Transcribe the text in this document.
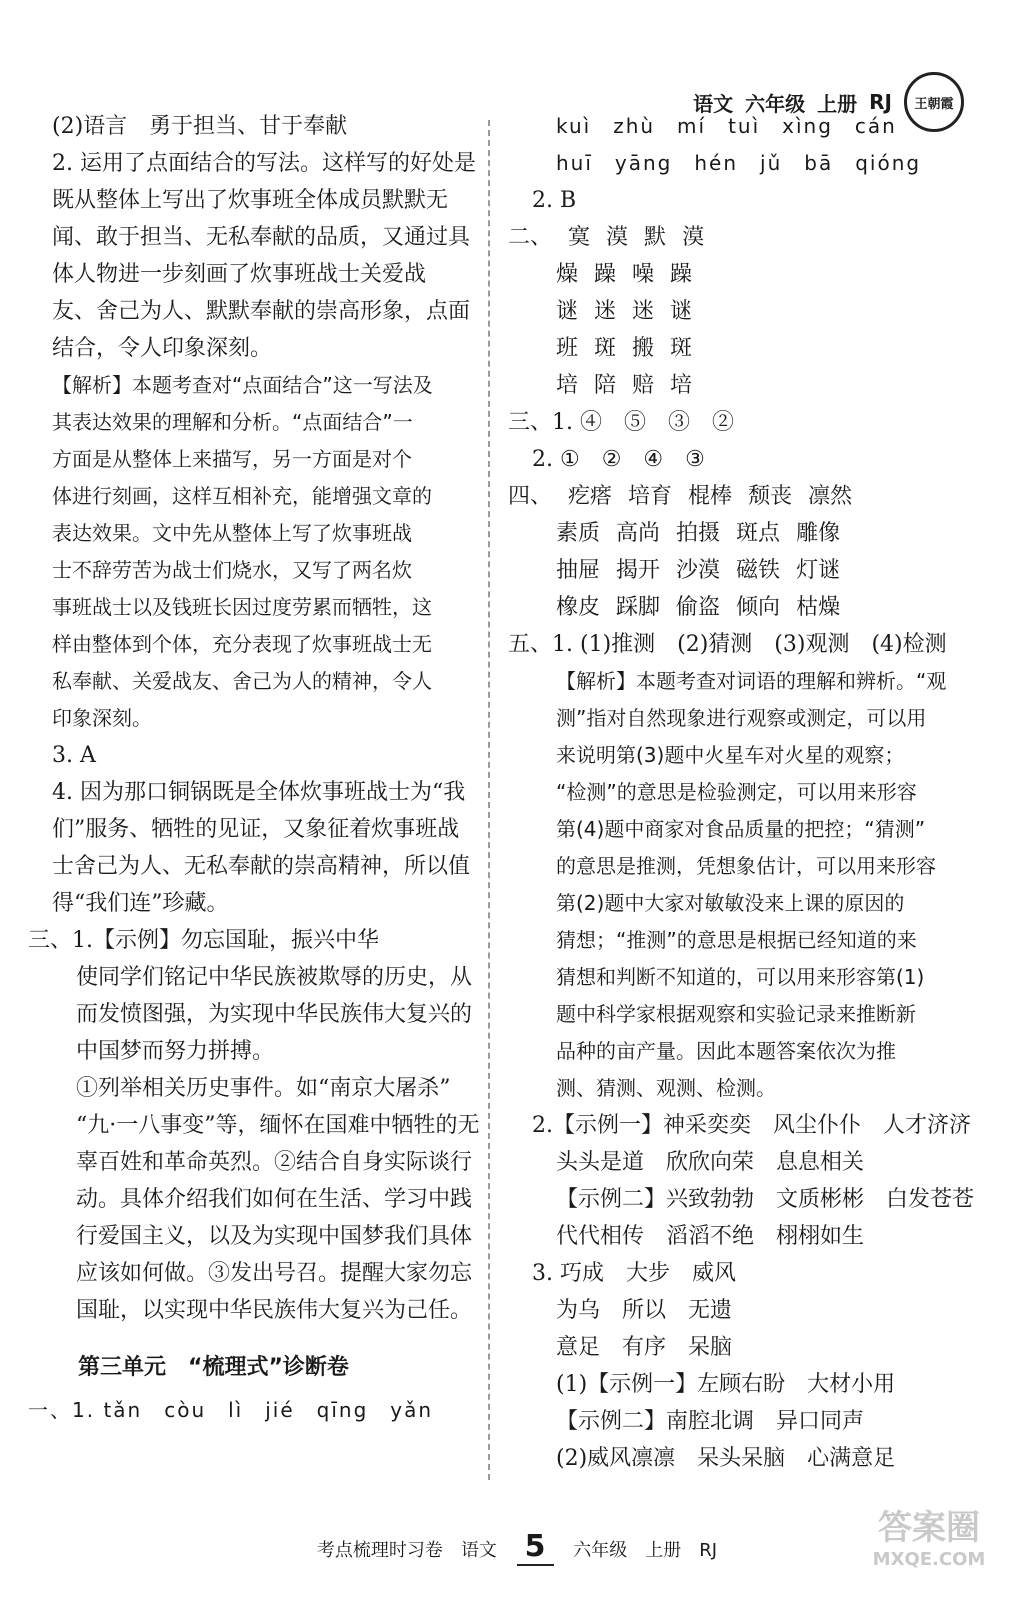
语文 六年级 上册 RJ 王朝霞
(2)语言　勇于担当、甘于奉献
2. 运用了点面结合的写法。这样写的好处是
既从整体上写出了炊事班全体成员默默无
闻、敢于担当、无私奉献的品质，又通过具
体人物进一步刻画了炊事班战士关爱战
友、舍己为人、默默奉献的崇高形象，点面
结合，令人印象深刻。
【解析】本题考查对“点面结合”这一写法及
其表达效果的理解和分析。“点面结合”一
方面是从整体上来描写，另一方面是对个
体进行刻画，这样互相补充，能增强文章的
表达效果。文中先从整体上写了炊事班战
士不辞劳苦为战士们烧水，又写了两名炊
事班战士以及钱班长因过度劳累而牺牲，这
样由整体到个体，充分表现了炊事班战士无
私奉献、关爱战友、舍己为人的精神，令人
印象深刻。
3. A
4. 因为那口铜锅既是全体炊事班战士为“我
们”服务、牺牲的见证，又象征着炊事班战
士舍己为人、无私奉献的崇高精神，所以值
得“我们连”珍藏。
三、1.【示例】勿忘国耻，振兴中华
使同学们铭记中华民族被欺辱的历史，从
而发愤图强，为实现中华民族伟大复兴的
中国梦而努力拼搏。
①列举相关历史事件。如“南京大屠杀”
“九·一八事变”等，缅怀在国难中牺牲的无
辜百姓和革命英烈。②结合自身实际谈行
动。具体介绍我们如何在生活、学习中践
行爱国主义，以及为实现中国梦我们具体
应该如何做。③发出号召。提醒大家勿忘
国耻，以实现中华民族伟大复兴为己任。
第三单元　“梳理式”诊断卷
一、1. tǎn　còu　lì　jié　qīng　yǎn
kuì　zhù　mí　tuì　xìng　cán
huī　yāng　hén　jǔ　bā　qióng
2. B
二、 寞 漠 默 漠
燥 躁 噪 躁
谜 迷 迷 谜
班 斑 搬 斑
培 陪 赔 培
三、1. ④　⑤　③　②
2. ①　②　④　③
四、 疙瘩 培育 棍棒 颓丧 凛然
素质 高尚 拍摄 斑点 雕像
抽屉 揭开 沙漠 磁铁 灯谜
橡皮 踩脚 偷盗 倾向 枯燥
五、1. (1)推测　(2)猜测　(3)观测　(4)检测
【解析】本题考查对词语的理解和辨析。“观
测”指对自然现象进行观察或测定，可以用
来说明第(3)题中火星车对火星的观察；
“检测”的意思是检验测定，可以用来形容
第(4)题中商家对食品质量的把控；“猜测”
的意思是推测，凭想象估计，可以用来形容
第(2)题中大家对敏敏没来上课的原因的
猜想；“推测”的意思是根据已经知道的来
猜想和判断不知道的，可以用来形容第(1)
题中科学家根据观察和实验记录来推断新
品种的亩产量。因此本题答案依次为推
测、猜测、观测、检测。
2.【示例一】神采奕奕　风尘仆仆　人才济济
头头是道　欣欣向荣　息息相关
【示例二】兴致勃勃　文质彬彬　白发苍苍
代代相传　滔滔不绝　栩栩如生
3. 巧成　大步　威风
为乌　所以　无遗
意足　有序　呆脑
(1)【示例一】左顾右盼　大材小用
【示例二】南腔北调　异口同声
(2)威风凛凛　呆头呆脑　心满意足
考点梳理时习卷　语文 5 六年级　上册　RJ
答案圈
MXQE.COM
